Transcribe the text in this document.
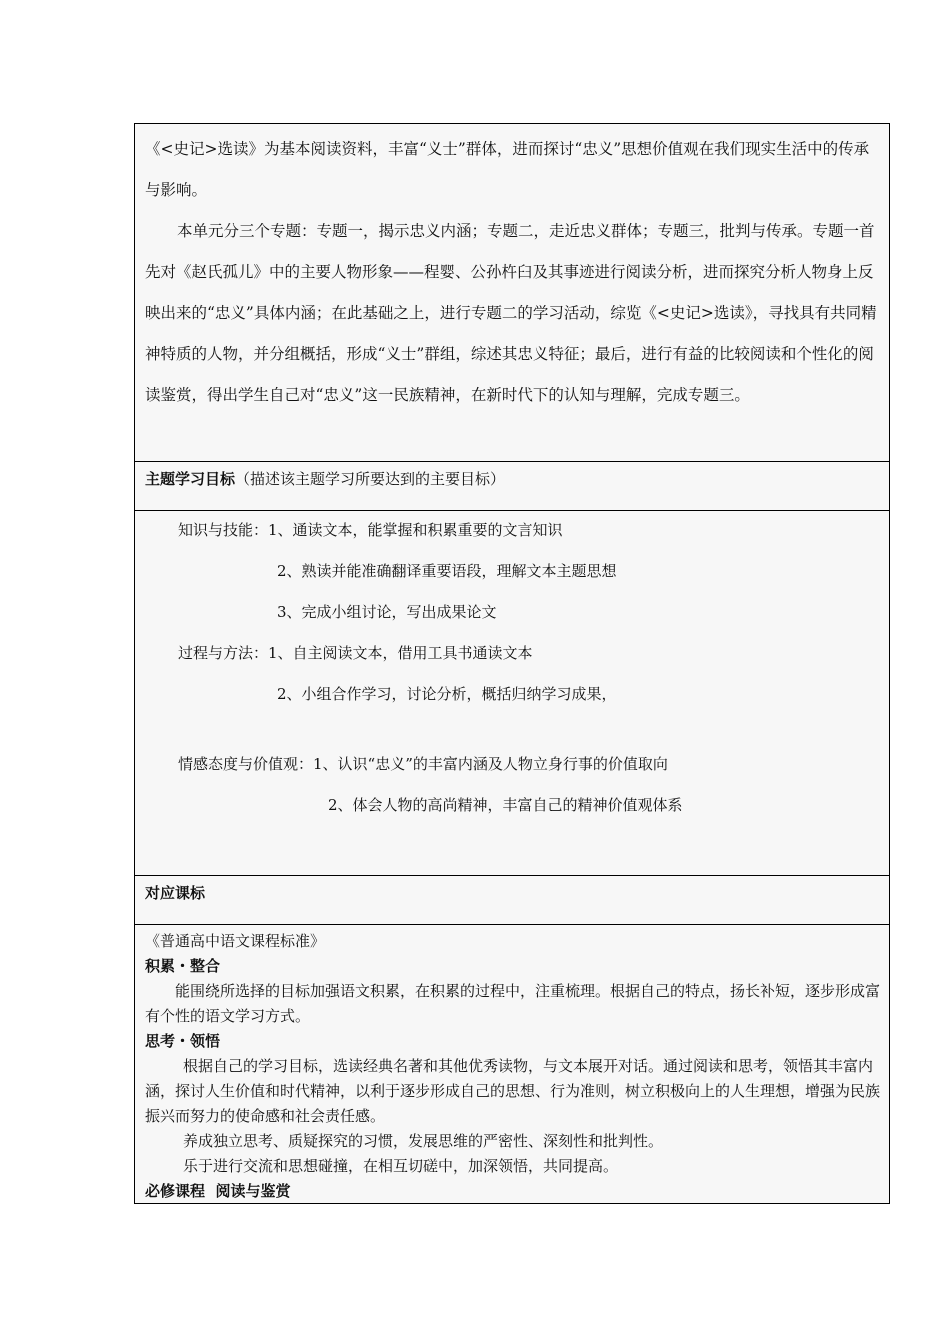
《<史记>选读》为基本阅读资料，丰富“义士”群体，进而探讨“忠义”思想价值观在我们现实生活中的传承与影响。

本单元分三个专题：专题一，揭示忠义内涵；专题二，走近忠义群体；专题三，批判与传承。专题一首先对《赵氏孤儿》中的主要人物形象——程婴、公孙杵臼及其事迹进行阅读分析，进而探究分析人物身上反映出来的“忠义”具体内涵；在此基础之上，进行专题二的学习活动，综览《<史记>选读》，寻找具有共同精神特质的人物，并分组概括，形成“义士”群组，综述其忠义特征；最后，进行有益的比较阅读和个性化的阅读鉴赏，得出学生自己对“忠义”这一民族精神，在新时代下的认知与理解，完成专题三。

主题学习目标（描述该主题学习所要达到的主要目标）
知识与技能：1、通读文本，能掌握和积累重要的文言知识
2、熟读并能准确翻译重要语段，理解文本主题思想
3、完成小组讨论，写出成果论文
过程与方法：1、自主阅读文本，借用工具书通读文本
2、小组合作学习，讨论分析，概括归纳学习成果，
情感态度与价值观：1、认识“忠义”的丰富内涵及人物立身行事的价值取向
2、体会人物的高尚精神，丰富自己的精神价值观体系
对应课标

《普通高中语文课程标准》

积累・整合

能围绕所选择的目标加强语文积累，在积累的过程中，注重梳理。根据自己的特点，扬长补短，逐步形成富有个性的语文学习方式。

思考・领悟

根据自己的学习目标，选读经典名著和其他优秀读物，与文本展开对话。通过阅读和思考，领悟其丰富内涵，探讨人生价值和时代精神，以利于逐步形成自己的思想、行为准则，树立积极向上的人生理想，增强为民族振兴而努力的使命感和社会责任感。

养成独立思考、质疑探究的习惯，发展思维的严密性、深刻性和批判性。

乐于进行交流和思想碰撞，在相互切磋中，加深领悟，共同提高。

必修课程  阅读与鉴赏
